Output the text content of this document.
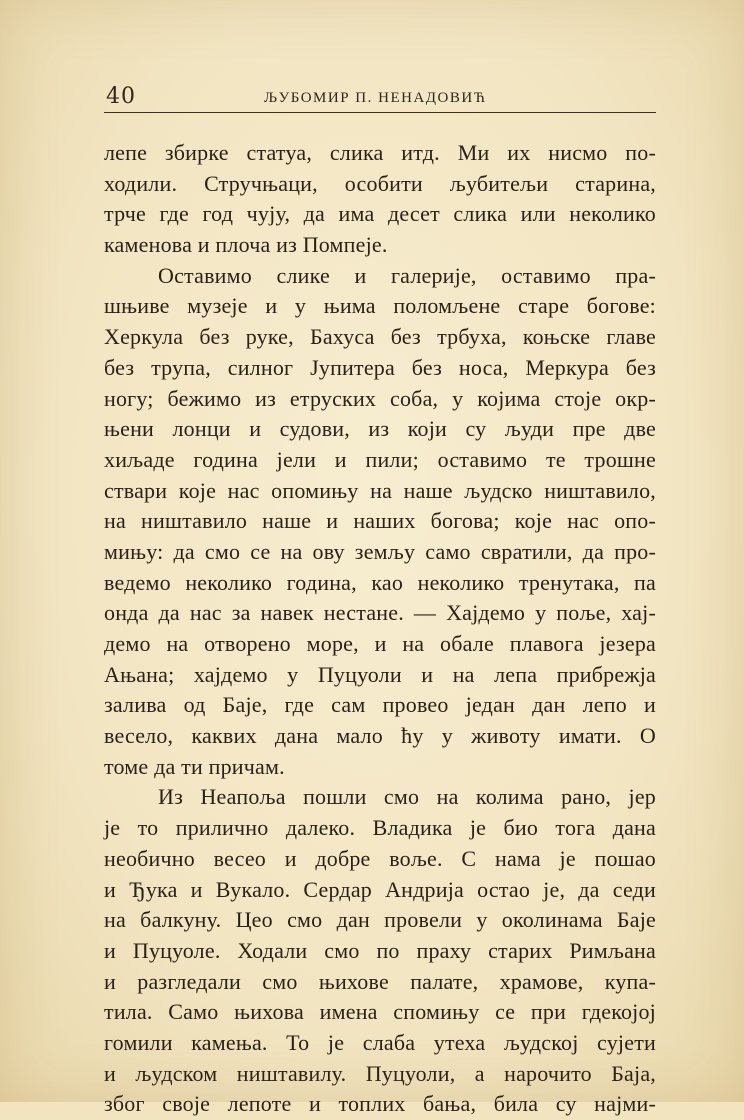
40	ЉУБОМИР П. НЕНАДОВИЋ
лепе збирке статуа, слика итд. Ми их нисмо по-
ходили. Стручњаци, особити љубитељи старина,
трче где год чују, да има десет слика или неколико
каменова и плоча из Помпеје.
Оставимо слике и галерије, оставимо пра-
шњиве музеје и у њима поломљене старе богове:
Херкула без руке, Бахуса без трбуха, коњске главе
без трупа, силног Јупитера без носа, Меркура без
ногу; бежимо из етруских соба, у којима стоје окр-
њени лонци и судови, из који су људи пре две
хиљаде година јели и пили; оставимо те трошне
ствари које нас опомињу на наше људско ништавило,
на ништавило наше и наших богова; које нас опо-
мињу: да смо се на ову земљу само свратили, да про-
ведемо неколико година, као неколико тренутака, па
онда да нас за навек нестане. — Хајдемо у поље, хај-
демо на отворено море, и на обале плавога језера
Ањана; хајдемо у Пуцуоли и на лепа прибрежја
залива од Баје, где сам провео један дан лепо и
весело, каквих дана мало ћу у животу имати. О
томе да ти причам.
Из Неапоља пошли смо на колима рано, јер
је то прилично далеко. Владика је био тога дана
необично весео и добре воље. С нама је пошао
и Ђука и Вукало. Сердар Андрија остао је, да седи
на балкуну. Цео смо дан провели у околинама Баје
и Пуцуоле. Ходали смо по праху старих Римљана
и разгледали смо њихове палате, храмове, купа-
тила. Само њихова имена спомињу се при гдекојој
гомили камења. То је слаба утеха људској сујети
и људском ништавилу. Пуцуоли, а нарочито Баја,
због своје лепоте и топлих бања, била су најми-
